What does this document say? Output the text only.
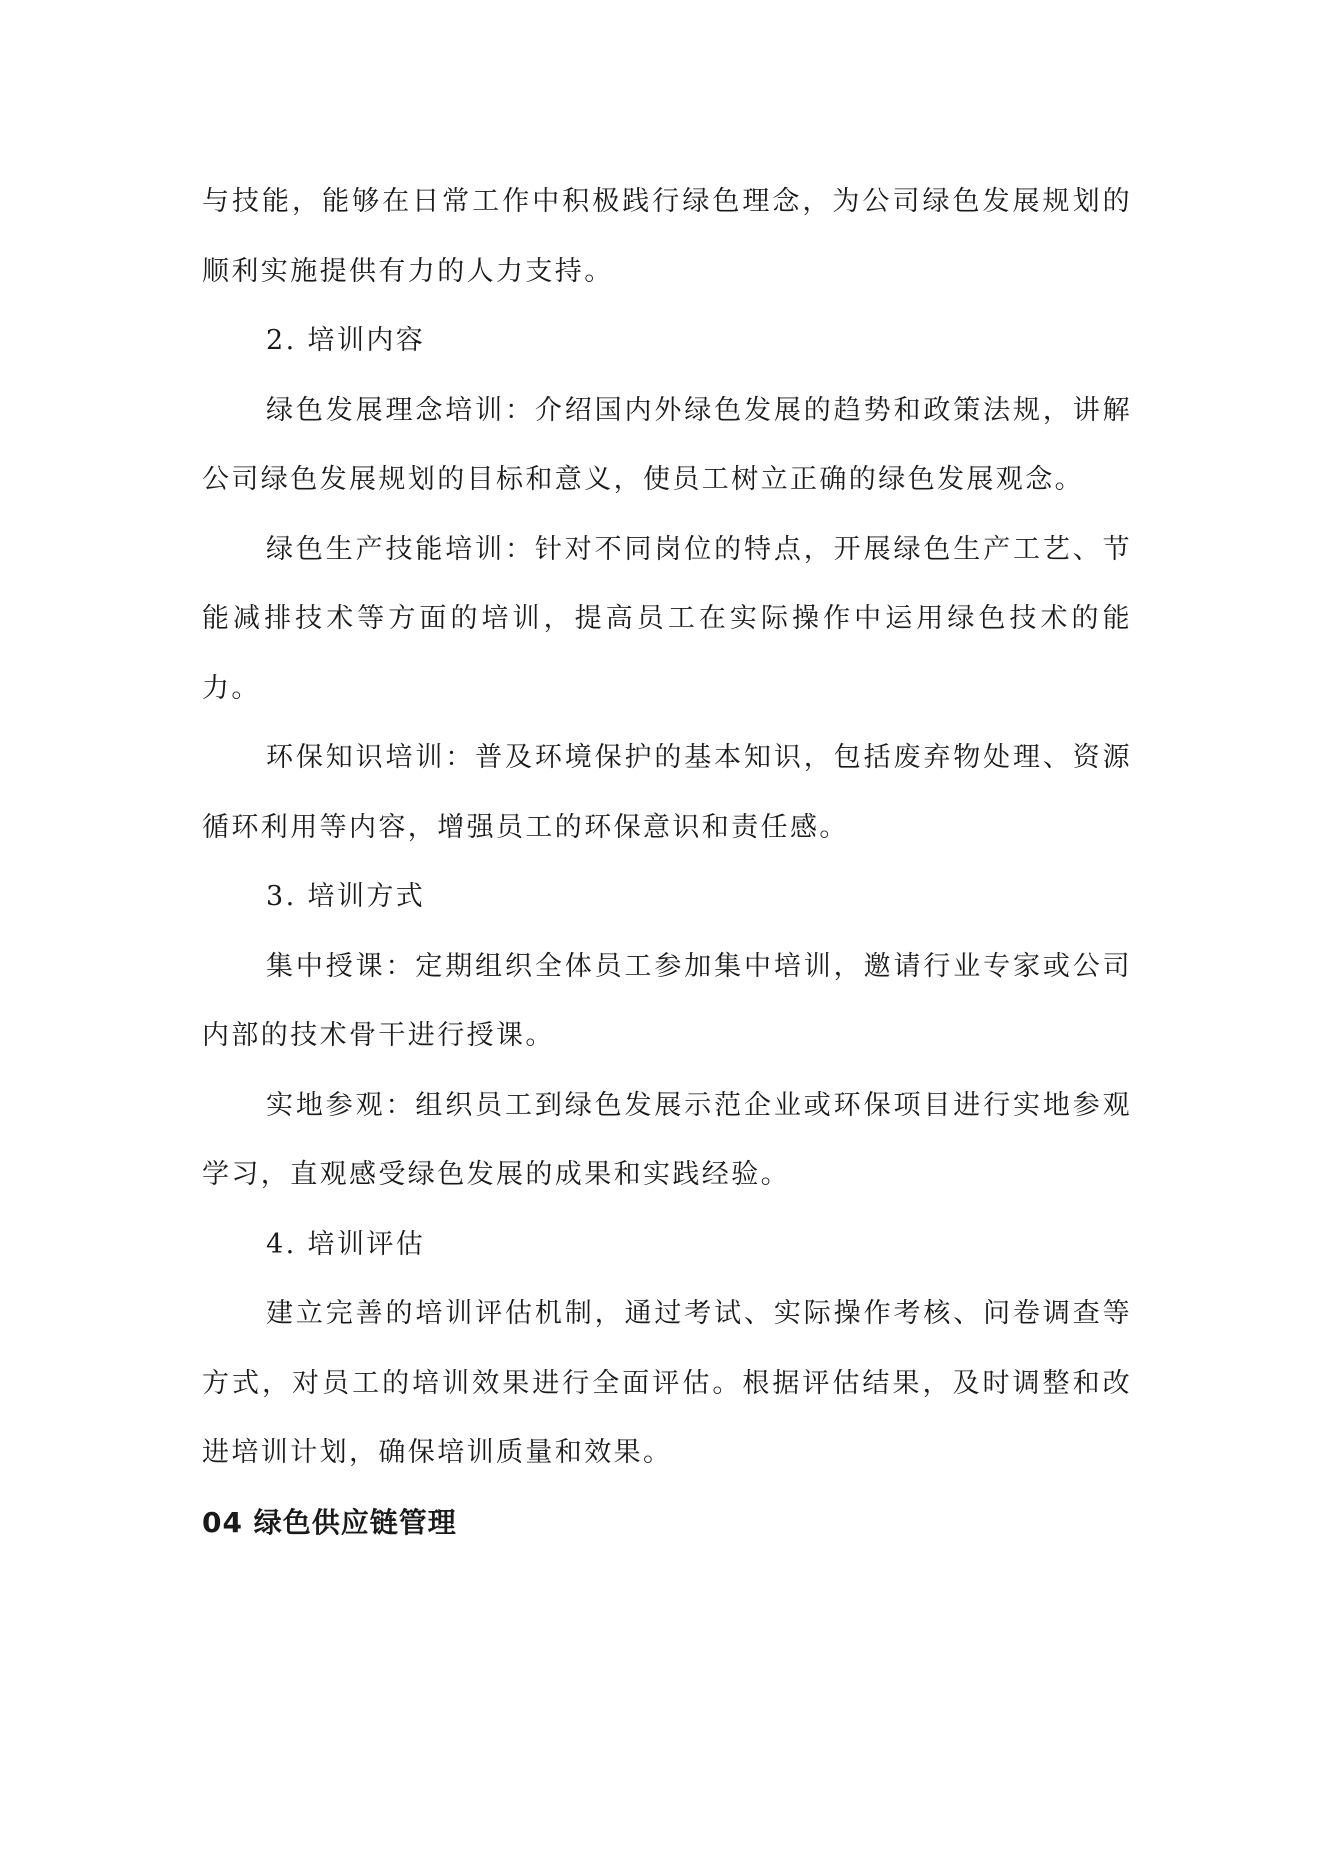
与技能，能够在日常工作中积极践行绿色理念，为公司绿色发展规划的顺利实施提供有力的人力支持。

2. 培训内容

绿色发展理念培训：介绍国内外绿色发展的趋势和政策法规，讲解公司绿色发展规划的目标和意义，使员工树立正确的绿色发展观念。

绿色生产技能培训：针对不同岗位的特点，开展绿色生产工艺、节能减排技术等方面的培训，提高员工在实际操作中运用绿色技术的能力。

环保知识培训：普及环境保护的基本知识，包括废弃物处理、资源循环利用等内容，增强员工的环保意识和责任感。

3. 培训方式

集中授课：定期组织全体员工参加集中培训，邀请行业专家或公司内部的技术骨干进行授课。

实地参观：组织员工到绿色发展示范企业或环保项目进行实地参观学习，直观感受绿色发展的成果和实践经验。

4. 培训评估

建立完善的培训评估机制，通过考试、实际操作考核、问卷调查等方式，对员工的培训效果进行全面评估。根据评估结果，及时调整和改进培训计划，确保培训质量和效果。

04 绿色供应链管理
